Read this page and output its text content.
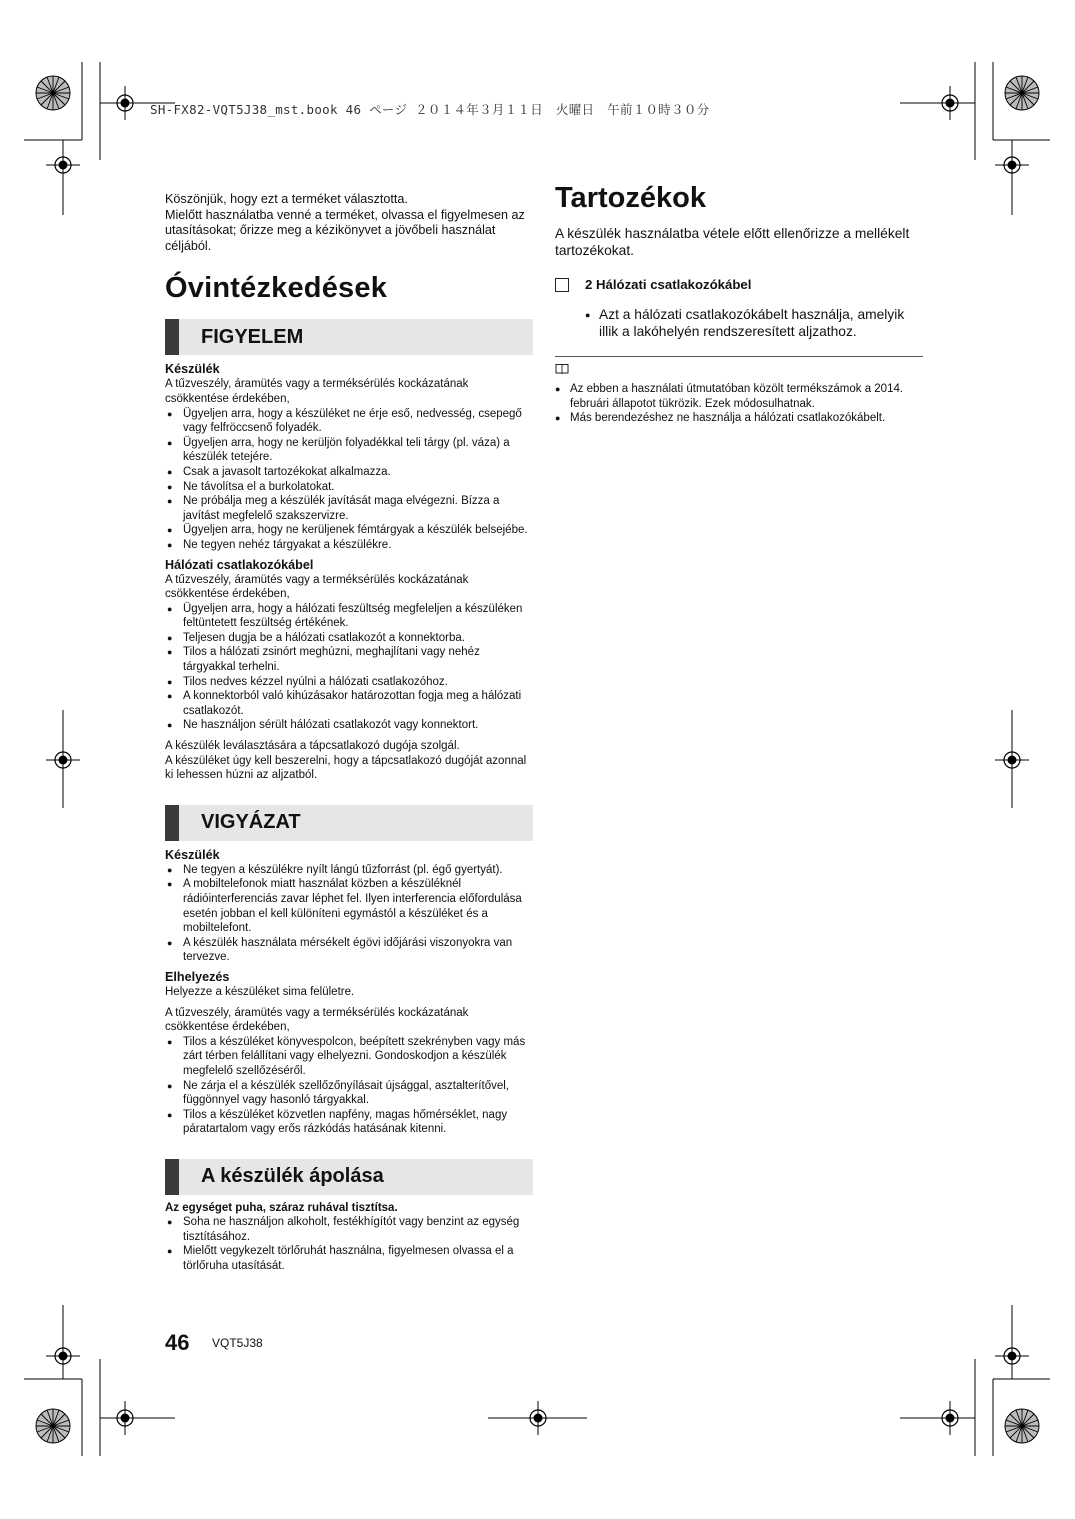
SH-FX82-VQT5J38_mst.book 46 ページ ２０１４年３月１１日　火曜日　午前１０時３０分

Köszönjük, hogy ezt a terméket választotta.

Mielőtt használatba venné a terméket, olvassa el figyelmesen az utasításokat; őrizze meg a kézikönyvet a jövőbeli használat céljából.

Óvintézkedések
FIGYELEM
Készülék

A tűzveszély, áramütés vagy a terméksérülés kockázatának csökkentése érdekében,

● Ügyeljen arra, hogy a készüléket ne érje eső, nedvesség, csepegő vagy felfröccsenő folyadék.
● Ügyeljen arra, hogy ne kerüljön folyadékkal teli tárgy (pl. váza) a készülék tetejére.
● Csak a javasolt tartozékokat alkalmazza.
● Ne távolítsa el a burkolatokat.
● Ne próbálja meg a készülék javítását maga elvégezni. Bízza a javítást megfelelő szakszervizre.
● Ügyeljen arra, hogy ne kerüljenek fémtárgyak a készülék belsejébe.
● Ne tegyen nehéz tárgyakat a készülékre.
Hálózati csatlakozókábel

A tűzveszély, áramütés vagy a terméksérülés kockázatának csökkentése érdekében,

● Ügyeljen arra, hogy a hálózati feszültség megfeleljen a készüléken feltüntetett feszültség értékének.
● Teljesen dugja be a hálózati csatlakozót a konnektorba.
● Tilos a hálózati zsinórt meghúzni, meghajlítani vagy nehéz tárgyakkal terhelni.
● Tilos nedves kézzel nyúlni a hálózati csatlakozóhoz.
● A konnektorból való kihúzásakor határozottan fogja meg a hálózati csatlakozót.
● Ne használjon sérült hálózati csatlakozót vagy konnektort.

A készülék leválasztására a tápcsatlakozó dugója szolgál.

A készüléket úgy kell beszerelni, hogy a tápcsatlakozó dugóját azonnal ki lehessen húzni az aljzatból.

VIGYÁZAT
Készülék
● Ne tegyen a készülékre nyílt lángú tűzforrást (pl. égő gyertyát).
● A mobiltelefonok miatt használat közben a készüléknél rádióinterferenciás zavar léphet fel. Ilyen interferencia előfordulása esetén jobban el kell különíteni egymástól a készüléket és a mobiltelefont.
● A készülék használata mérsékelt égövi időjárási viszonyokra van tervezve.
Elhelyezés

Helyezze a készüléket sima felületre.

A tűzveszély, áramütés vagy a terméksérülés kockázatának csökkentése érdekében,

● Tilos a készüléket könyvespolcon, beépített szekrényben vagy más zárt térben felállítani vagy elhelyezni. Gondoskodjon a készülék megfelelő szellőzéséről.
● Ne zárja el a készülék szellőzőnyílásait újsággal, asztalterítővel, függönnyel vagy hasonló tárgyakkal.
● Tilos a készüléket közvetlen napfény, magas hőmérséklet, nagy páratartalom vagy erős rázkódás hatásának kitenni.
A készülék ápolása
Az egységet puha, száraz ruhával tisztítsa.
● Soha ne használjon alkoholt, festékhígítót vagy benzint az egység tisztításához.
● Mielőtt vegykezelt törlőruhát használna, figyelmesen olvassa el a törlőruha utasítását.
Tartozékok

A készülék használatba vétele előtt ellenőrizze a mellékelt tartozékokat.

2 Hálózati csatlakozókábel
● Azt a hálózati csatlakozókábelt használja, amelyik illik a lakóhelyén rendszeresített aljzathoz.
● Az ebben a használati útmutatóban közölt termékszámok a 2014. februári állapotot tükrözik. Ezek módosulhatnak.
● Más berendezéshez ne használja a hálózati csatlakozókábelt.
46 VQT5J38
